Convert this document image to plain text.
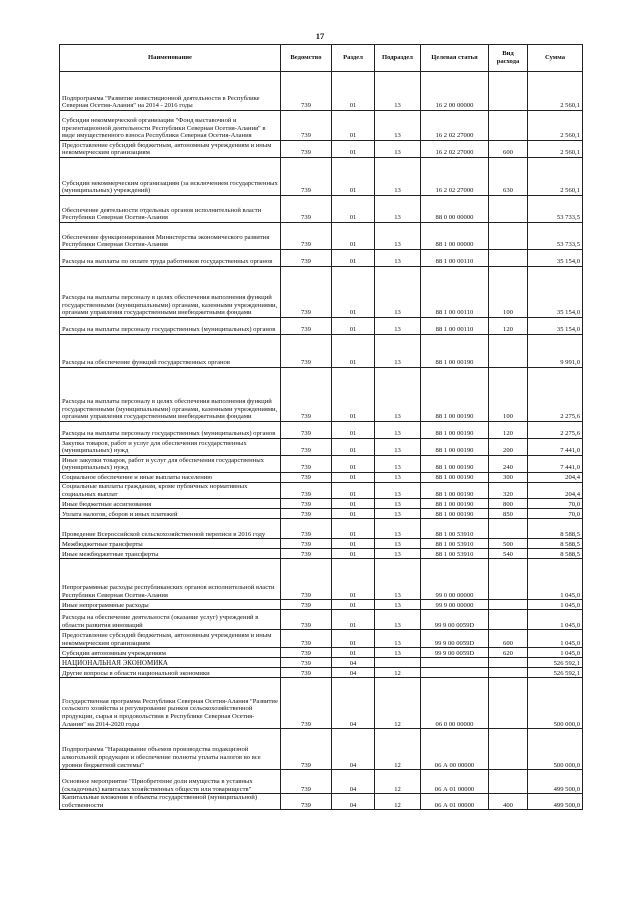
17
Наименование	Ведомство	Раздел	Подраздел	Целевая статья	Вид расхода	Сумма
Подпрограмма "Развитие инвестиционной деятельности в Республике Северная Осетия-Алания" на 2014 - 2016 годы	739	01	13	16 2 00 00000		2 560,1
Субсидия некоммерческой организации "Фонд выставочной и презентационной деятельности Республики Северная Осетия-Алания" в виде имущественного взноса Республики Северная Осетия-Алания	739	01	13	16 2 02 27000		2 560,1
Предоставление субсидий бюджетным, автономным учреждениям и иным некоммерческим организациям	739	01	13	16 2 02 27000	600	2 560,1
Субсидии некоммерческим организациям (за исключением государственных (муниципальных) учреждений)	739	01	13	16 2 02 27000	630	2 560,1
Обеспечение деятельности отдельных органов исполнительной власти Республики Северная Осетия-Алания	739	01	13	88 0 00 00000		53 733,5
Обеспечение функционирования Министерства экономического развития Республики Северная Осетия-Алания	739	01	13	88 1 00 00000		53 733,5
Расходы на выплаты по оплате труда работников государственных органов	739	01	13	88 1 00 00110		35 154,0
Расходы на выплаты персоналу в целях обеспечения выполнения функций государственными (муниципальными) органами, казенными учреждениями, органами управления государственными внебюджетными фондами	739	01	13	88 1 00 00110	100	35 154,0
Расходы на выплаты персоналу государственных (муниципальных) органов	739	01	13	88 1 00 00110	120	35 154,0
Расходы на обеспечение функций государственных органов	739	01	13	88 1 00 00190		9 991,0
Расходы на выплаты персоналу в целях обеспечения выполнения функций государственными (муниципальными) органами, казенными учреждениями, органами управления государственными внебюджетными фондами	739	01	13	88 1 00 00190	100	2 275,6
Расходы на выплаты персоналу государственных (муниципальных) органов	739	01	13	88 1 00 00190	120	2 275,6
Закупка товаров, работ и услуг для обеспечения государственных (муниципальных) нужд	739	01	13	88 1 00 00190	200	7 441,0
Иные закупки товаров, работ и услуг для обеспечения государственных (муниципальных) нужд	739	01	13	88 1 00 00190	240	7 441,0
Социальное обеспечение и иные выплаты населению	739	01	13	88 1 00 00190	300	204,4
Социальные выплаты гражданам, кроме публичных нормативных социальных выплат	739	01	13	88 1 00 00190	320	204,4
Иные бюджетные ассигнования	739	01	13	88 1 00 00190	800	70,0
Уплата налогов, сборов и иных платежей	739	01	13	88 1 00 00190	850	70,0
Проведение Всероссийской сельскохозяйственной переписи в 2016 году	739	01	13	88 1 00 53910		8 588,5
Межбюджетные трансферты	739	01	13	88 1 00 53910	500	8 588,5
Иные межбюджетные трансферты	739	01	13	88 1 00 53910	540	8 588,5
Непрограммные расходы республиканских органов исполнительной власти Республики Северная Осетия-Алания	739	01	13	99 0 00 00000		1 045,0
Иные непрограммные расходы	739	01	13	99 9 00 00000		1 045,0
Расходы на обеспечение деятельности (оказание услуг) учреждений в области развития инноваций	739	01	13	99 9 00 0059D		1 045,0
Предоставление субсидий бюджетным, автономным учреждениям и иным некоммерческим организациям	739	01	13	99 9 00 0059D	600	1 045,0
Субсидии автономным учреждениям	739	01	13	99 9 00 0059D	620	1 045,0
НАЦИОНАЛЬНАЯ ЭКОНОМИКА	739	04				526 592,1
Другие вопросы в области национальной экономики	739	04	12			526 592,1
Государственная программа Республики Северная Осетия-Алания "Развитие сельского хозяйства и регулирование рынков сельскохозяйственной продукции, сырья и продовольствия в Республике Северная Осетия-Алания" на 2014-2020 годы	739	04	12	06 0 00 00000		500 000,0
Подпрограмма "Наращивание объемов производства подакцизной алкогольной продукции и обеспечение полноты уплаты налогов во все уровни бюджетной системы"	739	04	12	06 А 00 00000		500 000,0
Основное мероприятие "Приобретение доли имущества в уставных (складочных) капиталах хозяйственных обществ или товариществ"	739	04	12	06 А 01 00000		499 500,0
Капитальные вложения в объекты государственной (муниципальной) собственности	739	04	12	06 А 01 00000	400	499 500,0
